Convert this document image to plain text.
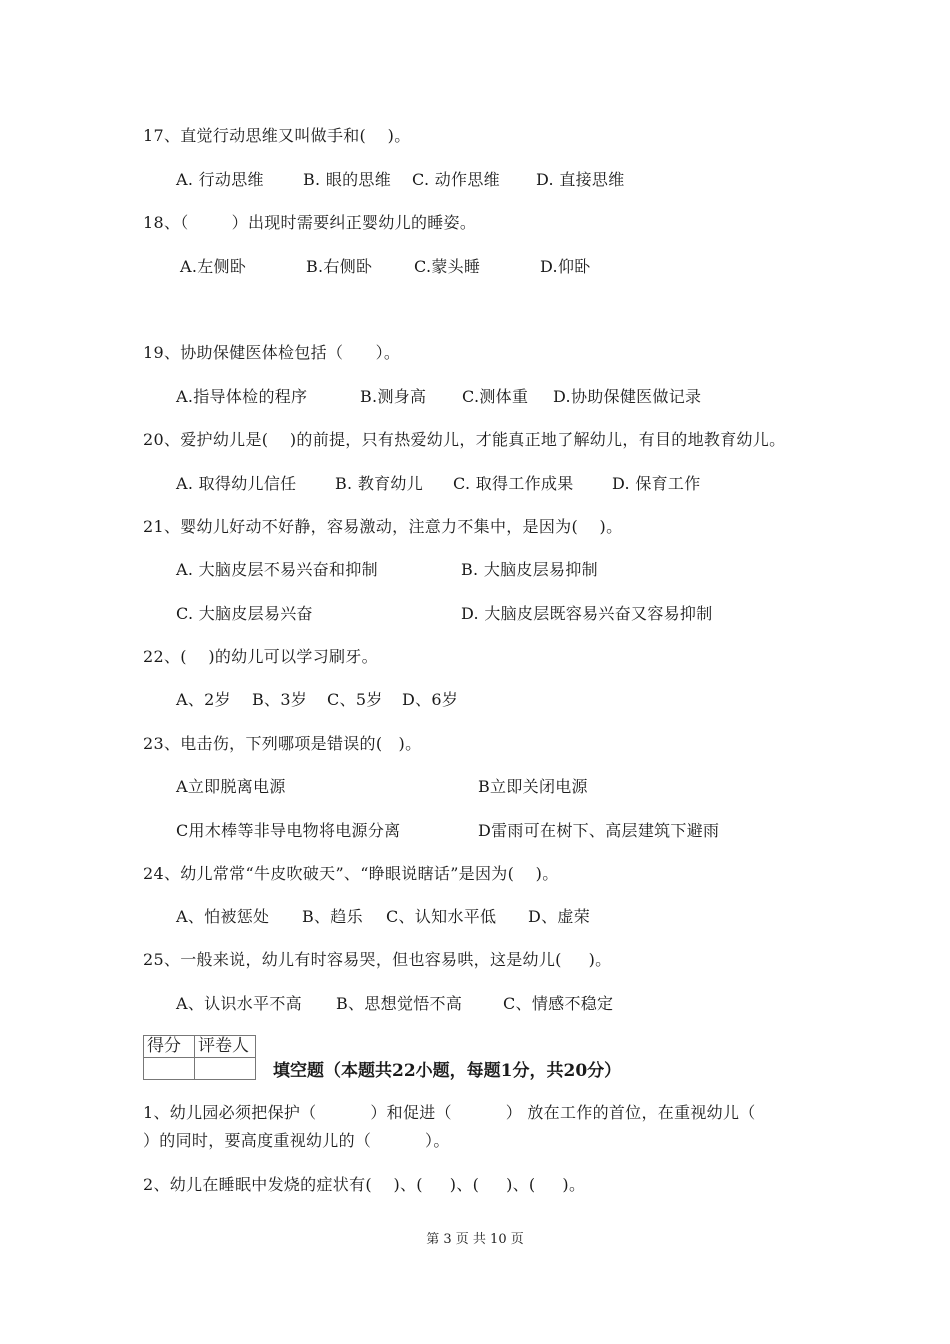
17、直觉行动思维又叫做手和(    )。
A. 行动思维 B. 眼的思维 C. 动作思维 D. 直接思维
18、（        ）出现时需要纠正婴幼儿的睡姿。
A.左侧卧	B.右侧卧	C.蒙头睡	D.仰卧
19、协助保健医体检包括（      ）。
A.指导体检的程序	B.测身高 C.测体重 D.协助保健医做记录
20、爱护幼儿是(    )的前提，只有热爱幼儿，才能真正地了解幼儿，有目的地教育幼儿。
A. 取得幼儿信任 B. 教育幼儿 C. 取得工作成果 D. 保育工作
21、婴幼儿好动不好静，容易激动，注意力不集中，是因为(    )。
A. 大脑皮层不易兴奋和抑制	B. 大脑皮层易抑制
C. 大脑皮层易兴奋	D. 大脑皮层既容易兴奋又容易抑制
22、(    )的幼儿可以学习刷牙。
A、2岁 B、3岁 C、5岁 D、6岁
23、电击伤，下列哪项是错误的(   )。
A立即脱离电源	B立即关闭电源
C用木棒等非导电物将电源分离	D雷雨可在树下、高层建筑下避雨
24、幼儿常常“牛皮吹破天”、“睁眼说瞎话”是因为(    )。
A、怕被惩处 B、趋乐 C、认知水平低 D、虚荣
25、一般来说，幼儿有时容易哭，但也容易哄，这是幼儿(     )。
A、认识水平不高 B、思想觉悟不高	C、情感不稳定
得分	评卷人

填空题（本题共22小题，每题1分，共20分）
1、幼儿园必须把保护（          ）和促进（          ） 放在工作的首位，在重视幼儿（
）的同时，要高度重视幼儿的（          ）。
2、幼儿在睡眠中发烧的症状有(    )、(     )、(     )、(     )。
第 3 页 共 10 页
